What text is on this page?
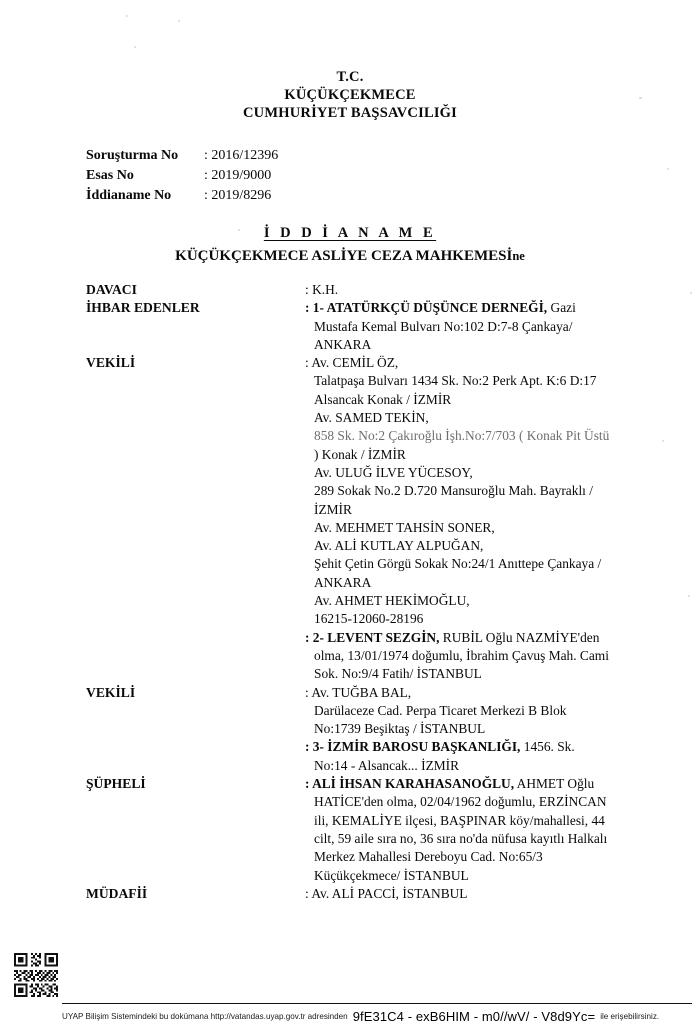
T.C.
KÜÇÜKÇEKMECE
CUMHURİYET BAŞSAVCILIĞI
Soruşturma No	: 2016/12396
Esas No	: 2019/9000
İddianame No	: 2019/8296
İ D D İ A N A M E
KÜÇÜKÇEKMECE ASLİYE CEZA MAHKEMESİne
DAVACI	: K.H.
İHBAR EDENLER	: 1- ATATÜRKÇÜ DÜŞÜNCE DERNEĞİ, Gazi
Mustafa Kemal Bulvarı No:102 D:7-8 Çankaya/
ANKARA
VEKİLİ	: Av. CEMİL ÖZ,
Talatpaşa Bulvarı 1434 Sk. No:2 Perk Apt. K:6 D:17
Alsancak Konak / İZMİR
Av. SAMED TEKİN,
858 Sk. No:2 Çakıroğlu İşh.No:7/703 ( Konak Pit Üstü
) Konak / İZMİR
Av. ULUĞ İLVE YÜCESOY,
289 Sokak No.2 D.720 Mansuroğlu Mah. Bayraklı /
İZMİR
Av. MEHMET TAHSİN SONER,
Av. ALİ KUTLAY ALPUĞAN,
Şehit Çetin Görgü Sokak No:24/1 Anıttepe Çankaya /
ANKARA
Av. AHMET HEKİMOĞLU,
16215-12060-28196
: 2- LEVENT SEZGİN, RUBİL Oğlu NAZMİYE'den
olma, 13/01/1974 doğumlu, İbrahim Çavuş Mah. Cami
Sok. No:9/4 Fatih/ İSTANBUL
VEKİLİ	: Av. TUĞBA BAL,
Darülaceze Cad. Perpa Ticaret Merkezi B Blok
No:1739 Beşiktaş / İSTANBUL
: 3- İZMİR BAROSU BAŞKANLIĞI, 1456. Sk.
No:14 - Alsancak... İZMİR
ŞÜPHELİ	: ALİ İHSAN KARAHASANOĞLU, AHMET Oğlu
HATİCE'den olma, 02/04/1962 doğumlu, ERZİNCAN
ili, KEMALİYE ilçesi, BAŞPINAR köy/mahallesi, 44
cilt, 59 aile sıra no, 36 sıra no'da nüfusa kayıtlı Halkalı
Merkez Mahallesi Dereboyu Cad. No:65/3
Küçükçekmece/ İSTANBUL
MÜDAFİİ	: Av. ALİ PACCİ, İSTANBUL
UYAP Bilişim Sistemindeki bu dokümana http://vatandas.uyap.gov.tr adresinden 9fE31C4 - exB6HIM - m0//wV/ - V8d9Yc= ile erişebilirsiniz.
